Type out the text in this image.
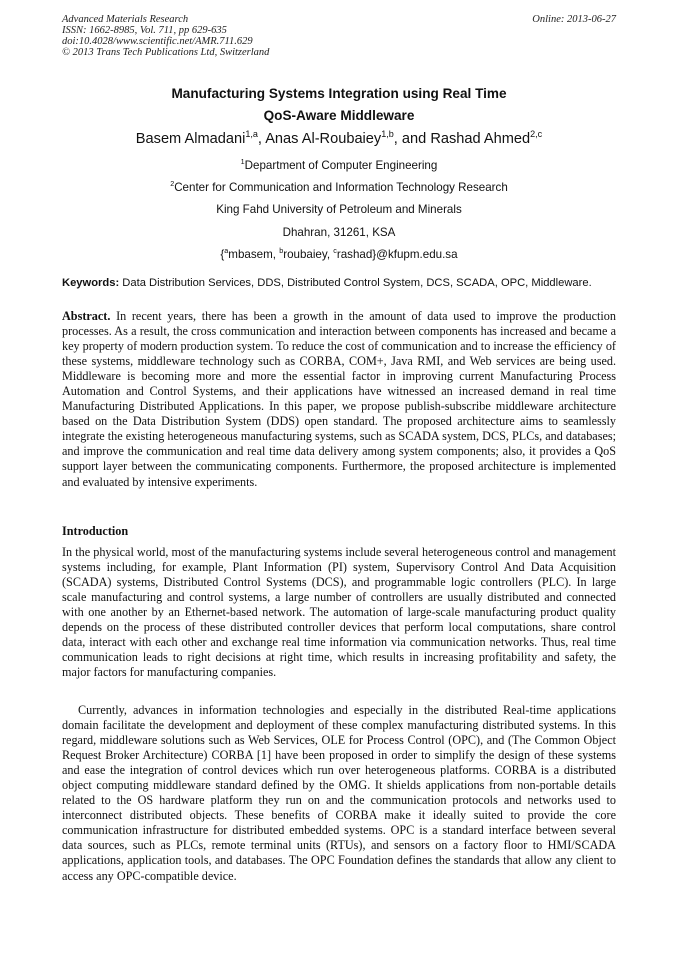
Advanced Materials Research
ISSN: 1662-8985, Vol. 711, pp 629-635
doi:10.4028/www.scientific.net/AMR.711.629
© 2013 Trans Tech Publications Ltd, Switzerland
Online: 2013-06-27
Manufacturing Systems Integration using Real Time
QoS-Aware Middleware
Basem Almadani$^{1,a}$, Anas Al-Roubaiey$^{1,b}$, and Rashad Ahmed$^{2,c}$
$^1$Department of Computer Engineering
$^2$Center for Communication and Information Technology Research
King Fahd University of Petroleum and Minerals
Dhahran, 31261, KSA
{$^a$mbasem, $^b$roubaiey, $^c$rashad}@kfupm.edu.sa
Keywords: Data Distribution Services, DDS, Distributed Control System, DCS, SCADA, OPC, Middleware.
Abstract. In recent years, there has been a growth in the amount of data used to improve the production processes. As a result, the cross communication and interaction between components has increased and became a key property of modern production system. To reduce the cost of communication and to increase the efficiency of these systems, middleware technology such as CORBA, COM+, Java RMI, and Web services are being used. Middleware is becoming more and more the essential factor in improving current Manufacturing Process Automation and Control Systems, and their applications have witnessed an increased demand in real time Manufacturing Distributed Applications. In this paper, we propose publish-subscribe middleware architecture based on the Data Distribution System (DDS) open standard. The proposed architecture aims to seamlessly integrate the existing heterogeneous manufacturing systems, such as SCADA system, DCS, PLCs, and databases; and improve the communication and real time data delivery among system components; also, it provides a QoS support layer between the communicating components. Furthermore, the proposed architecture is implemented and evaluated by intensive experiments.
Introduction
In the physical world, most of the manufacturing systems include several heterogeneous control and management systems including, for example, Plant Information (PI) system, Supervisory Control And Data Acquisition (SCADA) systems, Distributed Control Systems (DCS), and programmable logic controllers (PLC). In large scale manufacturing and control systems, a large number of controllers are usually distributed and connected with one another by an Ethernet-based network. The automation of large-scale manufacturing product quality depends on the process of these distributed controller devices that perform local computations, share control data, interact with each other and exchange real time information via communication networks. Thus, real time communication leads to right decisions at right time, which results in increasing profitability and safety, the major factors for manufacturing companies.
Currently, advances in information technologies and especially in the distributed Real-time applications domain facilitate the development and deployment of these complex manufacturing distributed systems. In this regard, middleware solutions such as Web Services, OLE for Process Control (OPC), and (The Common Object Request Broker Architecture) CORBA [1] have been proposed in order to simplify the design of these systems and ease the integration of control devices which run over heterogeneous platforms. CORBA is a distributed object computing middleware standard defined by the OMG. It shields applications from non-portable details related to the OS hardware platform they run on and the communication protocols and networks used to interconnect distributed objects. These benefits of CORBA make it ideally suited to provide the core communication infrastructure for distributed embedded systems. OPC is a standard interface between several data sources, such as PLCs, remote terminal units (RTUs), and sensors on a factory floor to HMI/SCADA applications, application tools, and databases. The OPC Foundation defines the standards that allow any client to access any OPC-compatible device.
